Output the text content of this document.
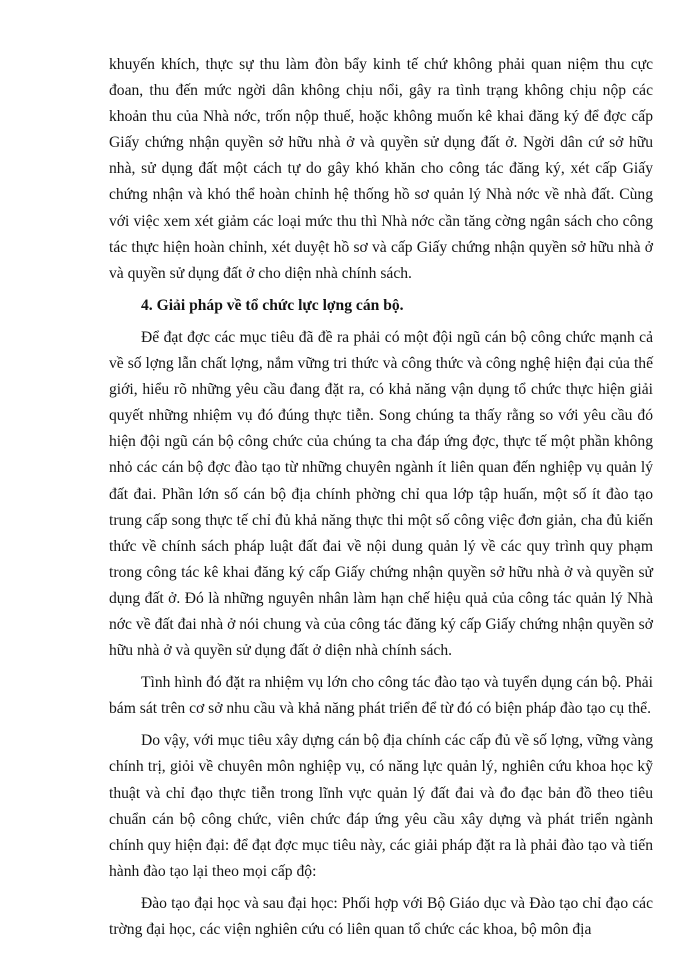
khuyến khích, thực sự thu làm đòn bẩy kinh tế chứ không phải quan niệm thu cực đoan, thu đến mức ngời dân không chịu nổi, gây ra tình trạng không chịu nộp các khoản thu của Nhà nớc, trốn nộp thuế, hoặc không muốn kê khai đăng ký để đợc cấp Giấy chứng nhận quyền sở hữu nhà ở và quyền sử dụng đất ở. Ngời dân cứ sở hữu nhà, sử dụng đất một cách tự do gây khó khăn cho công tác đăng ký, xét cấp Giấy chứng nhận và khó thể hoàn chỉnh hệ thống hồ sơ quản lý Nhà nớc về nhà đất. Cùng với việc xem xét giảm các loại mức thu thì Nhà nớc cần tăng cờng ngân sách cho công tác thực hiện hoàn chỉnh, xét duyệt hồ sơ và cấp Giấy chứng nhận quyền sở hữu nhà ở và quyền sử dụng đất ở cho diện nhà chính sách.

4. Giải pháp về tổ chức lực lợng cán bộ.

Để đạt đợc các mục tiêu đã đề ra phải có một đội ngũ cán bộ công chức mạnh cả về số lợng lẫn chất lợng, nắm vững tri thức và công thức và công nghệ hiện đại của thế giới, hiểu rõ những yêu cầu đang đặt ra, có khả năng vận dụng tổ chức thực hiện giải quyết những nhiệm vụ đó đúng thực tiễn. Song chúng ta thấy rằng so với yêu cầu đó hiện đội ngũ cán bộ công chức của chúng ta cha đáp ứng đợc, thực tế một phần không nhỏ các cán bộ đợc đào tạo từ những chuyên ngành ít liên quan đến nghiệp vụ quản lý đất đai. Phần lớn số cán bộ địa chính phờng chỉ qua lớp tập huấn, một số ít đào tạo trung cấp song thực tế chỉ đủ khả năng thực thi một số công việc đơn giản, cha đủ kiến thức về chính sách pháp luật đất đai về nội dung quản lý về các quy trình quy phạm trong công tác kê khai đăng ký cấp Giấy chứng nhận quyền sở hữu nhà ở và quyền sử dụng đất ở. Đó là những nguyên nhân làm hạn chế hiệu quả của công tác quản lý Nhà nớc về đất đai nhà ở nói chung và của công tác đăng ký cấp Giấy chứng nhận quyền sở hữu nhà ở và quyền sử dụng đất ở diện nhà chính sách.

Tình hình đó đặt ra nhiệm vụ lớn cho công tác đào tạo và tuyển dụng cán bộ. Phải bám sát trên cơ sở nhu cầu và khả năng phát triển để từ đó có biện pháp đào tạo cụ thể.

Do vậy, với mục tiêu xây dựng cán bộ địa chính các cấp đủ về số lợng, vững vàng chính trị, giỏi về chuyên môn nghiệp vụ, có năng lực quản lý, nghiên cứu khoa học kỹ thuật và chỉ đạo thực tiễn trong lĩnh vực quản lý đất đai và đo đạc bản đồ theo tiêu chuẩn cán bộ công chức, viên chức đáp ứng yêu cầu xây dựng và phát triển ngành chính quy hiện đại: để đạt đợc mục tiêu này, các giải pháp đặt ra là phải đào tạo và tiến hành đào tạo lại theo mọi cấp độ:

Đào tạo đại học và sau đại học: Phối hợp với Bộ Giáo dục và Đào tạo chỉ đạo các trờng đại học, các viện nghiên cứu có liên quan tổ chức các khoa, bộ môn địa
